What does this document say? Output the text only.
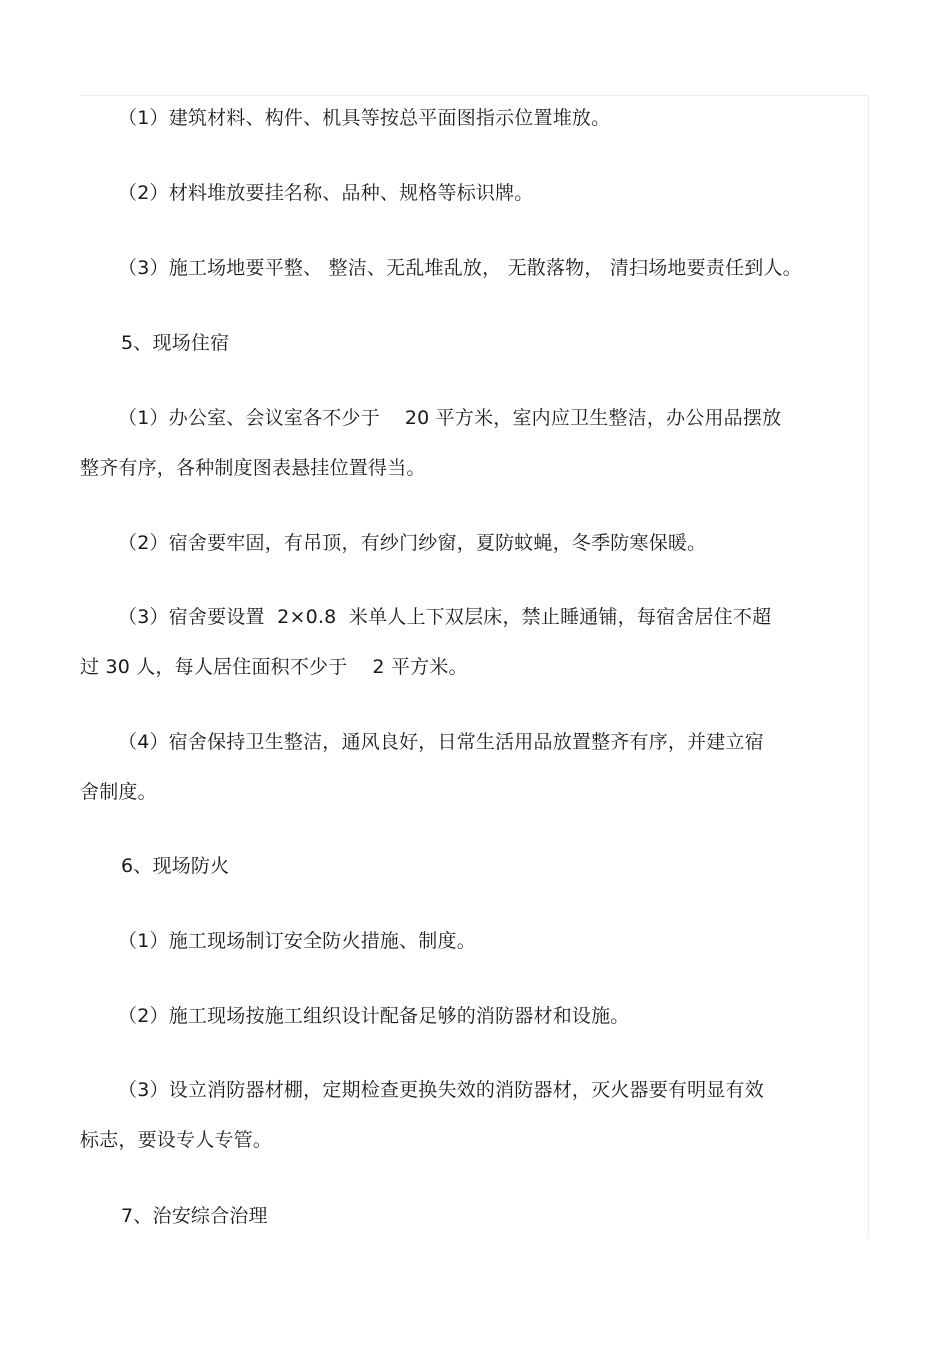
（1）建筑材料、构件、机具等按总平面图指示位置堆放。

（2）材料堆放要挂名称、品种、规格等标识牌。

（3）施工场地要平整、 整洁、无乱堆乱放， 无散落物， 清扫场地要责任到人。

5、现场住宿

（1）办公室、会议室各不少于    20 平方米，室内应卫生整洁，办公用品摆放

整齐有序，各种制度图表悬挂位置得当。

（2）宿舍要牢固，有吊顶，有纱门纱窗，夏防蚊蝇，冬季防寒保暖。

（3）宿舍要设置  2×0.8  米单人上下双层床，禁止睡通铺，每宿舍居住不超

过 30 人，每人居住面积不少于    2 平方米。

（4）宿舍保持卫生整洁，通风良好，日常生活用品放置整齐有序，并建立宿

舍制度。

6、现场防火

（1）施工现场制订安全防火措施、制度。

（2）施工现场按施工组织设计配备足够的消防器材和设施。

（3）设立消防器材棚，定期检查更换失效的消防器材，灭火器要有明显有效

标志，要设专人专管。

7、治安综合治理
